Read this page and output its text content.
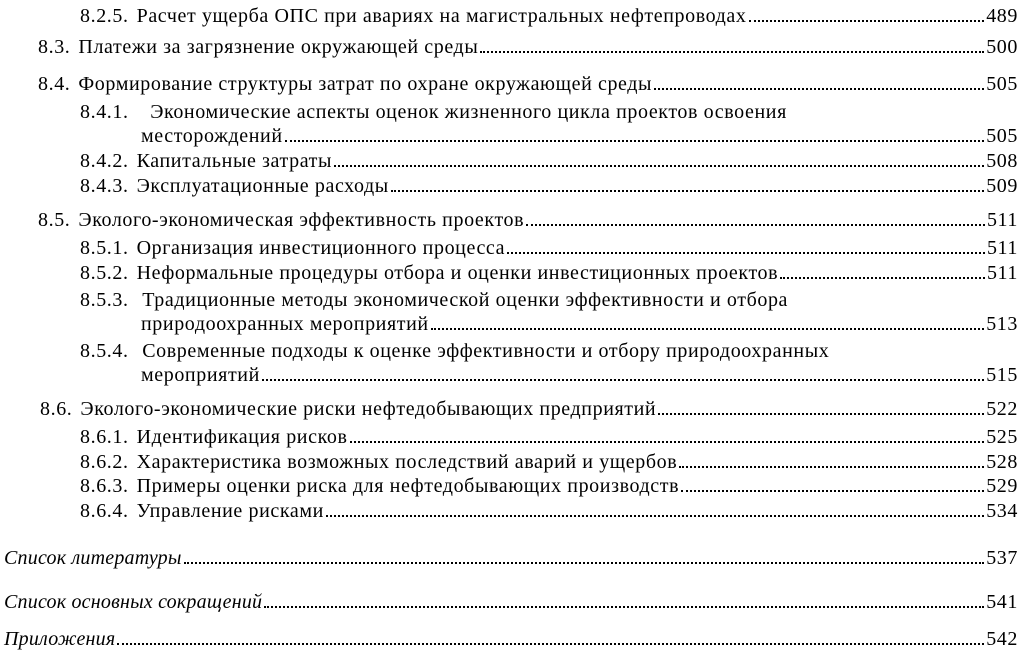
8.2.5. Расчет ущерба ОПС при авариях на магистральных нефтепроводах	489
8.3. Платежи за загрязнение окружающей среды	500
8.4. Формирование структуры затрат по охране окружающей среды	505
8.4.1. Экономические аспекты оценок жизненного цикла проектов освоения
месторождений	505
8.4.2. Капитальные затраты	508
8.4.3. Эксплуатационные расходы	509
8.5. Эколого-экономическая эффективность проектов	511
8.5.1. Организация инвестиционного процесса	511
8.5.2. Неформальные процедуры отбора и оценки инвестиционных проектов	511
8.5.3. Традиционные методы экономической оценки эффективности и отбора
природоохранных мероприятий	513
8.5.4. Современные подходы к оценке эффективности и отбору природоохранных
мероприятий	515
8.6. Эколого-экономические риски нефтедобывающих предприятий	522
8.6.1. Идентификация рисков	525
8.6.2. Характеристика возможных последствий аварий и ущербов	528
8.6.3. Примеры оценки риска для нефтедобывающих производств	529
8.6.4. Управление рисками	534
Список литературы	537
Список основных сокращений	541
Приложения	542
